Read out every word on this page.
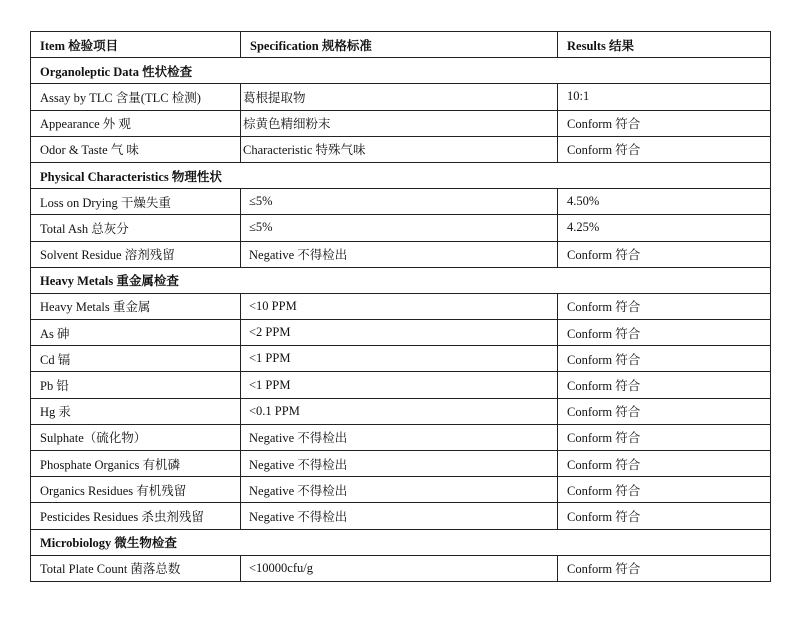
Item 检验项目	Specification 规格标准	Results 结果
Organoleptic Data 性状检查		
Assay by TLC 含量(TLC 检测)	葛根提取物	10:1
Appearance 外 观	棕黄色精细粉末	Conform 符合
Odor & Taste 气 味	Characteristic 特殊气味	Conform 符合
Physical Characteristics 物理性状		
Loss on Drying 干燥失重	≤5%	4.50%
Total Ash 总灰分	≤5%	4.25%
Solvent Residue 溶剂残留	Negative 不得检出	Conform 符合
Heavy Metals 重金属检查		
Heavy Metals 重金属	<10 PPM	Conform 符合
As 砷	<2 PPM	Conform 符合
Cd 镉	<1 PPM	Conform 符合
Pb 铅	<1 PPM	Conform 符合
Hg 汞	<0.1 PPM	Conform 符合
Sulphate（硫化物）	Negative 不得检出	Conform 符合
Phosphate Organics 有机磷	Negative 不得检出	Conform 符合
Organics Residues 有机残留	Negative 不得检出	Conform 符合
Pesticides Residues 杀虫剂残留	Negative 不得检出	Conform 符合
Microbiology 微生物检查		
Total Plate Count 菌落总数	<10000cfu/g	Conform 符合
